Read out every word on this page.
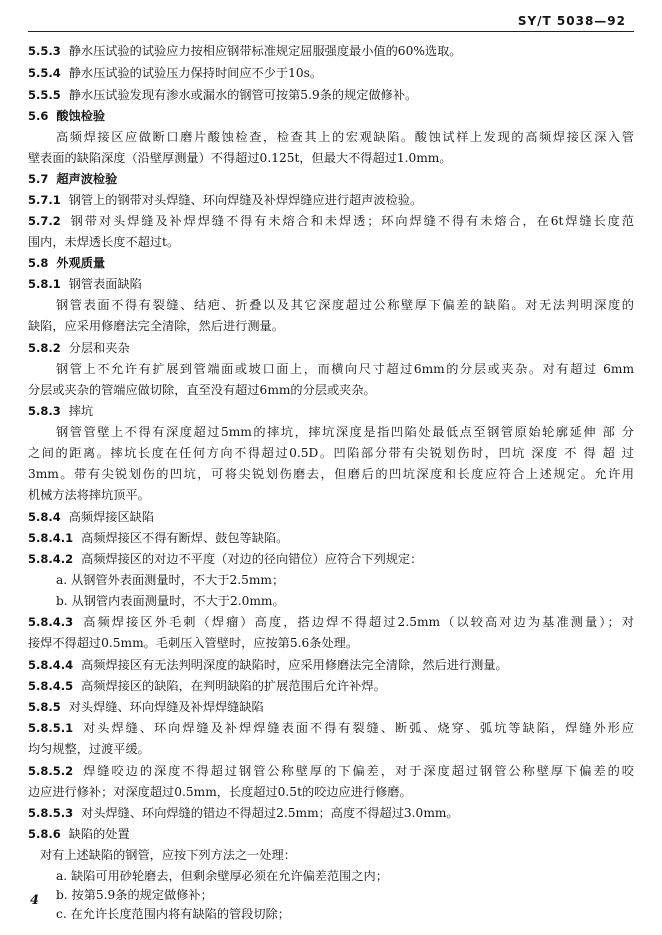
SY/T 5038—92
5.5.3 静水压试验的试验应力按相应钢带标准规定屈服强度最小值的60%选取。
5.5.4 静水压试验的试验压力保持时间应不少于10s。
5.5.5 静水压试验发现有渗水或漏水的钢管可按第5.9条的规定做修补。
5.6 酸蚀检验
高频焊接区应做断口磨片酸蚀检查，检查其上的宏观缺陷。酸蚀试样上发现的高频焊接区深入管
壁表面的缺陷深度（沿壁厚测量）不得超过0.125t，但最大不得超过1.0mm。
5.7 超声波检验
5.7.1 钢管上的钢带对头焊缝、环向焊缝及补焊焊缝应进行超声波检验。
5.7.2 钢带对头焊缝及补焊焊缝不得有未熔合和未焊透；环向焊缝不得有未熔合，在6t焊缝长度范
围内，未焊透长度不超过t。
5.8 外观质量
5.8.1 钢管表面缺陷
钢管表面不得有裂缝、结疤、折叠以及其它深度超过公称壁厚下偏差的缺陷。对无法判明深度的
缺陷，应采用修磨法完全清除，然后进行测量。
5.8.2 分层和夹杂
钢管上不允许有扩展到管端面或坡口面上，而横向尺寸超过6mm的分层或夹杂。对有超过 6mm
分层或夹杂的管端应做切除，直至没有超过6mm的分层或夹杂。
5.8.3 摔坑
钢管管壁上不得有深度超过5mm的摔坑，摔坑深度是指凹陷处最低点至钢管原始轮廓延伸 部 分
之间的距离。摔坑长度在任何方向不得超过0.5D。凹陷部分带有尖锐划伤时，凹坑 深度 不 得 超 过
3mm。带有尖锐划伤的凹坑，可将尖锐划伤磨去，但磨后的凹坑深度和长度应符合上述规定。允许用
机械方法将摔坑顶平。
5.8.4 高频焊接区缺陷
5.8.4.1 高频焊接区不得有断焊、鼓包等缺陷。
5.8.4.2 高频焊接区的对边不平度（对边的径向错位）应符合下列规定：
a. 从钢管外表面测量时，不大于2.5mm；
b. 从钢管内表面测量时，不大于2.0mm。
5.8.4.3 高频焊接区外毛刺（焊瘤）高度，搭边焊不得超过2.5mm（以较高对边为基准测量）；对
接焊不得超过0.5mm。毛刺压入管壁时，应按第5.6条处理。
5.8.4.4 高频焊接区有无法判明深度的缺陷时，应采用修磨法完全清除，然后进行测量。
5.8.4.5 高频焊接区的缺陷，在判明缺陷的扩展范围后允许补焊。
5.8.5 对头焊缝、环向焊缝及补焊焊缝缺陷
5.8.5.1 对头焊缝、环向焊缝及补焊焊缝表面不得有裂缝、断弧、烧穿、弧坑等缺陷，焊缝外形应
均匀规整，过渡平缓。
5.8.5.2 焊缝咬边的深度不得超过钢管公称壁厚的下偏差，对于深度超过钢管公称壁厚下偏差的咬
边应进行修补；对深度超过0.5mm，长度超过0.5t的咬边应进行修磨。
5.8.5.3 对头焊缝、环向焊缝的错边不得超过2.5mm；高度不得超过3.0mm。
5.8.6 缺陷的处置
对有上述缺陷的钢管，应按下列方法之一处理：
a. 缺陷可用砂轮磨去，但剩余壁厚必须在允许偏差范围之内；
b. 按第5.9条的规定做修补；
c. 在允许长度范围内将有缺陷的管段切除；
4
